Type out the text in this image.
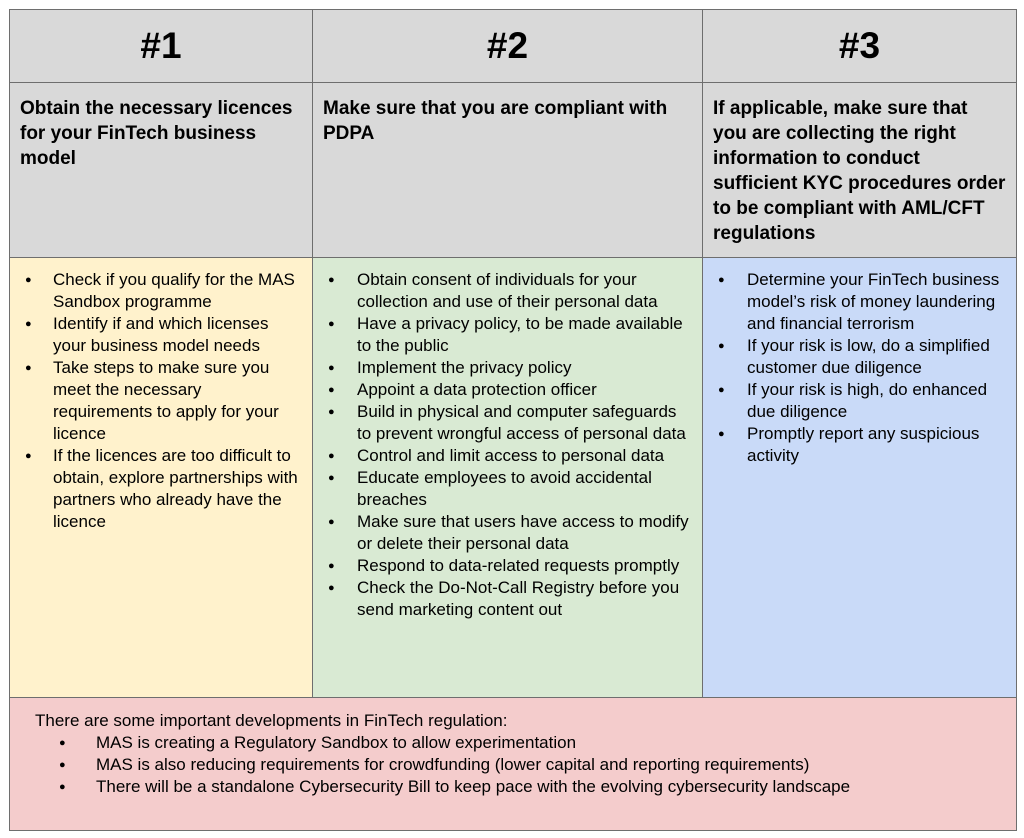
#1
Obtain the necessary licences for your FinTech business model
● Check if you qualify for the MAS Sandbox programme
● Identify if and which licenses your business model needs
● Take steps to make sure you meet the necessary requirements to apply for your licence
● If the licences are too difficult to obtain, explore partnerships with partners who already have the licence
#2
Make sure that you are compliant with PDPA
● Obtain consent of individuals for your collection and use of their personal data
● Have a privacy policy, to be made available to the public
● Implement the privacy policy
● Appoint a data protection officer
● Build in physical and computer safeguards to prevent wrongful access of personal data
● Control and limit access to personal data
● Educate employees to avoid accidental breaches
● Make sure that users have access to modify or delete their personal data
● Respond to data-related requests promptly
● Check the Do-Not-Call Registry before you send marketing content out
#3
If applicable, make sure that you are collecting the right information to conduct sufficient KYC procedures order to be compliant with AML/CFT regulations
● Determine your FinTech business model’s risk of money laundering and financial terrorism
● If your risk is low, do a simplified customer due diligence
● If your risk is high, do enhanced due diligence
● Promptly report any suspicious activity
There are some important developments in FinTech regulation:
● MAS is creating a Regulatory Sandbox to allow experimentation
● MAS is also reducing requirements for crowdfunding (lower capital and reporting requirements)
● There will be a standalone Cybersecurity Bill to keep pace with the evolving cybersecurity landscape
